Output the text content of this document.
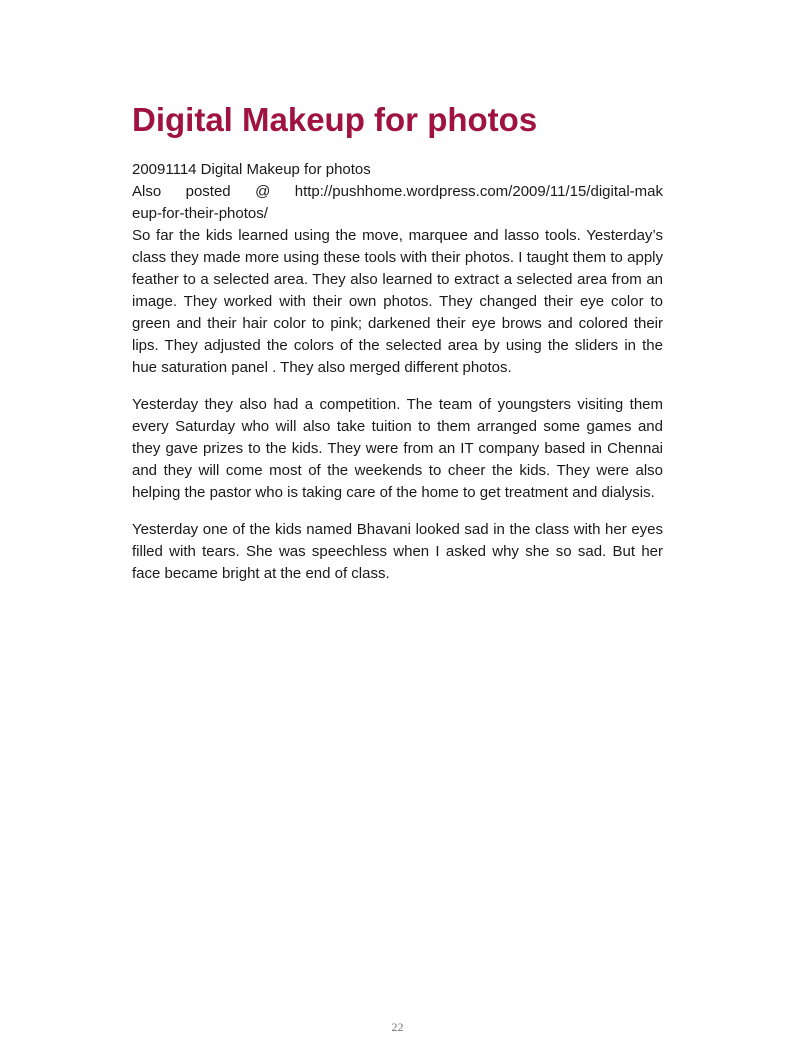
Digital Makeup for photos

20091114 Digital Makeup for photos

Also posted @ http://pushhome.wordpress.com/2009/11/15/digital-mak

eup-for-their-photos/

So far the kids learned using the move, marquee and lasso tools. Yesterday’s class they made more using these tools with their photos. I taught them to apply feather to a selected area. They also learned to extract a selected area from an image. They worked with their own photos. They changed their eye color to green and their hair color to pink; darkened their eye brows and colored their lips. They adjusted the colors of the selected area by using the sliders in the hue saturation panel . They also merged different photos.

Yesterday they also had a competition. The team of youngsters visiting them every Saturday who will also take tuition to them arranged some games and they gave prizes to the kids. They were from an IT company based in Chennai and they will come most of the weekends to cheer the kids. They were also helping the pastor who is taking care of the home to get treatment and dialysis.

Yesterday one of the kids named Bhavani looked sad in the class with her eyes filled with tears. She was speechless when I asked why she so sad. But her face became bright at the end of class.

22
